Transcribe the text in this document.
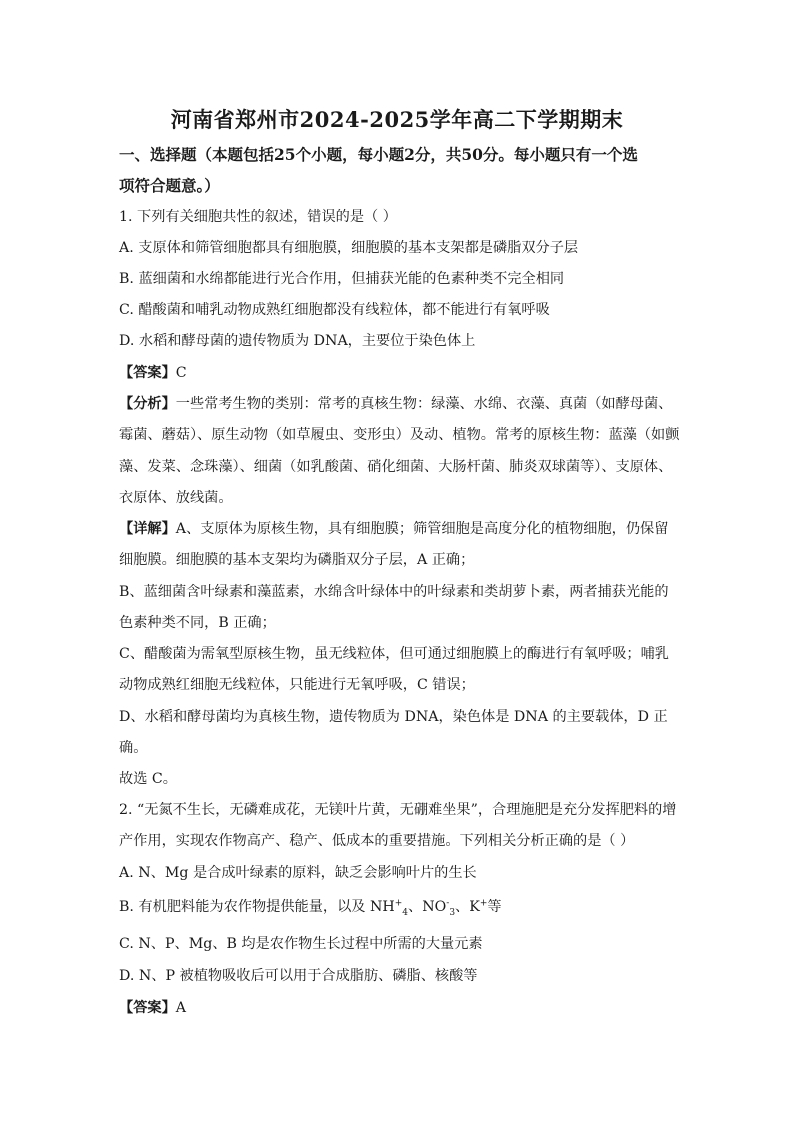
河南省郑州市2024-2025学年高二下学期期末
一、选择题（本题包括25个小题，每小题2分，共50分。每小题只有一个选
项符合题意。）
1. 下列有关细胞共性的叙述，错误的是（ ）
A. 支原体和筛管细胞都具有细胞膜，细胞膜的基本支架都是磷脂双分子层
B. 蓝细菌和水绵都能进行光合作用，但捕获光能的色素种类不完全相同
C. 醋酸菌和哺乳动物成熟红细胞都没有线粒体，都不能进行有氧呼吸
D. 水稻和酵母菌的遗传物质为 DNA，主要位于染色体上
【答案】C
【分析】一些常考生物的类别：常考的真核生物：绿藻、水绵、衣藻、真菌（如酵母菌、
霉菌、蘑菇）、原生动物（如草履虫、变形虫）及动、植物。常考的原核生物：蓝藻（如颤
藻、发菜、念珠藻）、细菌（如乳酸菌、硝化细菌、大肠杆菌、肺炎双球菌等）、支原体、
衣原体、放线菌。
【详解】A、支原体为原核生物，具有细胞膜；筛管细胞是高度分化的植物细胞，仍保留
细胞膜。细胞膜的基本支架均为磷脂双分子层，A 正确；
B、蓝细菌含叶绿素和藻蓝素，水绵含叶绿体中的叶绿素和类胡萝卜素，两者捕获光能的
色素种类不同，B 正确；
C、醋酸菌为需氧型原核生物，虽无线粒体，但可通过细胞膜上的酶进行有氧呼吸；哺乳
动物成熟红细胞无线粒体，只能进行无氧呼吸，C 错误；
D、水稻和酵母菌均为真核生物，遗传物质为 DNA，染色体是 DNA 的主要载体，D 正
确。
故选 C。
2. “无氮不生长，无磷难成花，无镁叶片黄，无硼难坐果”，合理施肥是充分发挥肥料的增
产作用，实现农作物高产、稳产、低成本的重要措施。下列相关分析正确的是（ ）
A. N、Mg 是合成叶绿素的原料，缺乏会影响叶片的生长
B. 有机肥料能为农作物提供能量，以及 $NH^+_4$、$NO^-_3$、K+等
C. N、P、Mg、B 均是农作物生长过程中所需的大量元素
D. N、P 被植物吸收后可以用于合成脂肪、磷脂、核酸等
【答案】A
